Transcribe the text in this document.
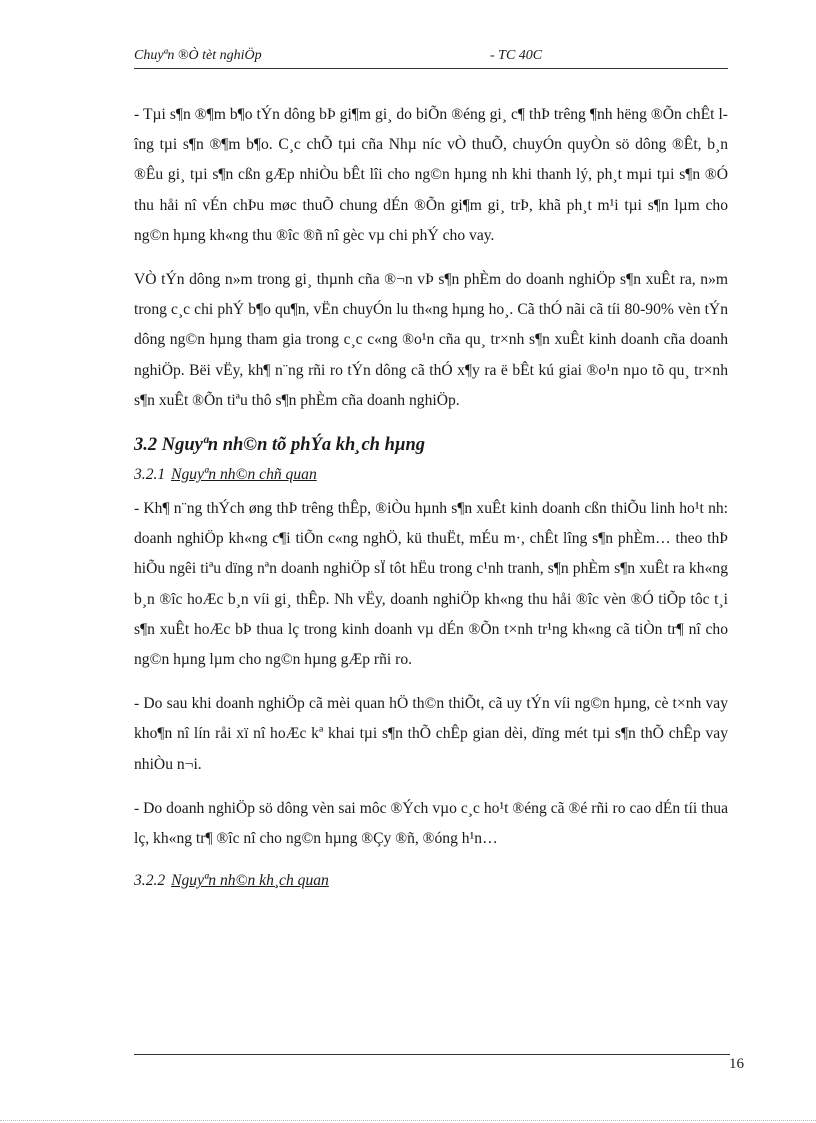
Chuyªn ®Ò tèt nghiÖp	- TC 40C

- Tµi s¶n ®¶m b¶o tÝn dông bÞ gi¶m gi¸ do biÕn ®éng gi¸ c¶ thÞ trêng ¶nh hëng ®Õn chÊt lîng tµi s¶n ®¶m b¶o. C¸c chÕ tµi cña Nhµ níc vÒ thuÕ, chuyÓn quyÒn sö dông ®Êt, b¸n ®Êu gi¸ tµi s¶n cßn gÆp nhiÒu bÊt lîi cho ng©n hµng nh khi thanh lý, ph¸t mµi tµi s¶n ®Ó thu håi nî vÉn chÞu møc thuÕ chung dÉn ®Õn gi¶m gi¸ trÞ, khã ph¸t m¹i tµi s¶n lµm cho ng©n hµng kh«ng thu ®îc ®ñ nî gèc vµ chi phÝ cho vay.

VÒ tÝn dông n»m trong gi¸ thµnh cña ®¬n vÞ s¶n phÈm do doanh nghiÖp s¶n xuÊt ra, n»m trong c¸c chi phÝ b¶o qu¶n, vËn chuyÓn lu th«ng hµng ho¸. Cã thÓ nãi cã tíi 80-90% vèn tÝn dông ng©n hµng tham gia trong c¸c c«ng ®o¹n cña qu¸ tr×nh s¶n xuÊt kinh doanh cña doanh nghiÖp. Bëi vËy, kh¶ n¨ng rñi ro tÝn dông cã thÓ x¶y ra ë bÊt kú giai ®o¹n nµo tõ qu¸ tr×nh s¶n xuÊt ®Õn tiªu thô s¶n phÈm cña doanh nghiÖp.

3.2 Nguyªn nh©n tõ phÝa kh¸ch hµng
3.2.1 Nguyªn nh©n chñ quan

- Kh¶ n¨ng thÝch øng thÞ trêng thÊp, ®iÒu hµnh s¶n xuÊt kinh doanh cßn thiÕu linh ho¹t nh: doanh nghiÖp kh«ng c¶i tiÕn c«ng nghÖ, kü thuËt, mÉu m·, chÊt lîng s¶n phÈm… theo thÞ hiÕu ngêi tiªu dïng nªn doanh nghiÖp sÏ tôt hËu trong c¹nh tranh, s¶n phÈm s¶n xuÊt ra kh«ng b¸n ®îc hoÆc b¸n víi gi¸ thÊp. Nh vËy, doanh nghiÖp kh«ng thu håi ®îc vèn ®Ó tiÕp tôc t¸i s¶n xuÊt hoÆc bÞ thua lç trong kinh doanh vµ dÉn ®Õn t×nh tr¹ng kh«ng cã tiÒn tr¶ nî cho ng©n hµng lµm cho ng©n hµng gÆp rñi ro.

- Do sau khi doanh nghiÖp cã mèi quan hÖ th©n thiÕt, cã uy tÝn víi ng©n hµng, cè t×nh vay kho¶n nî lín råi xï nî hoÆc kª khai tµi s¶n thÕ chÊp gian dèi, dïng mét tµi s¶n thÕ chÊp vay nhiÒu n¬i.

- Do doanh nghiÖp sö dông vèn sai môc ®Ých vµo c¸c ho¹t ®éng cã ®é rñi ro cao dÉn tíi thua lç, kh«ng tr¶ ®îc nî cho ng©n hµng ®Çy ®ñ, ®óng h¹n…

3.2.2 Nguyªn nh©n kh¸ch quan
16
